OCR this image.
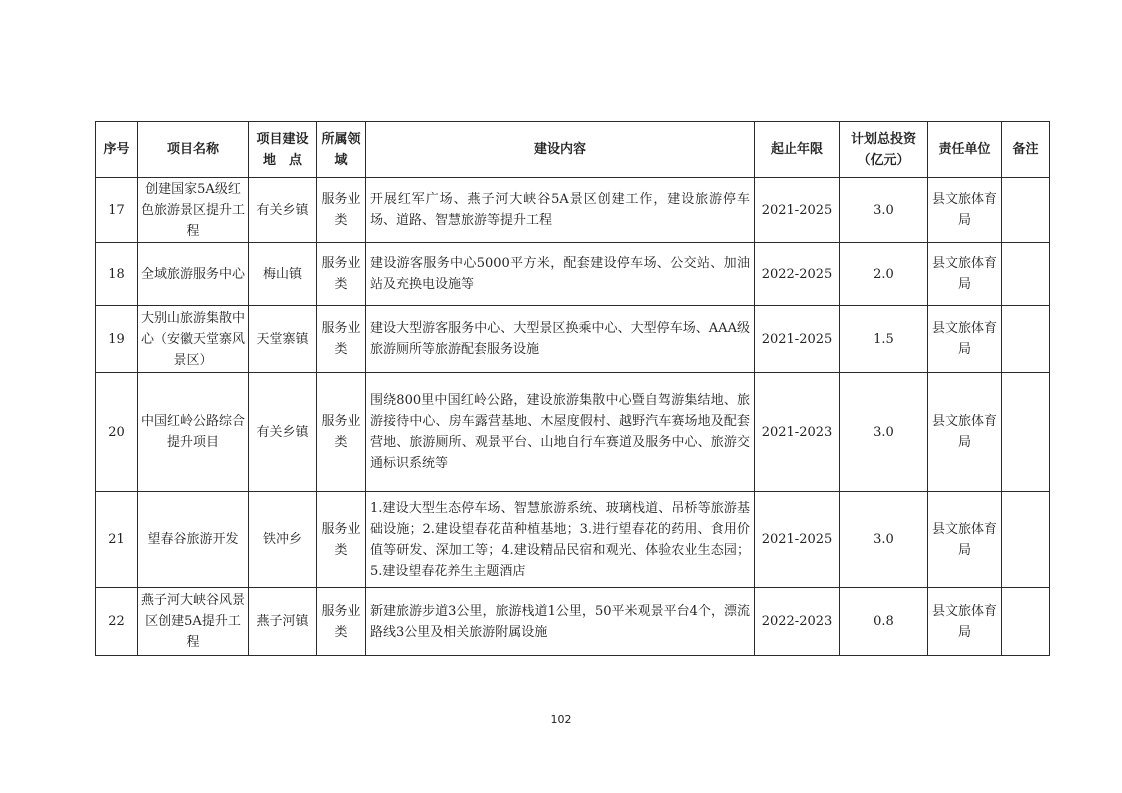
序号	项目名称	项目建设地　点	所属领域	建设内容	起止年限	计划总投资（亿元）	责任单位	备注
17	创建国家5A级红色旅游景区提升工程	有关乡镇	服务业类	开展红军广场、燕子河大峡谷5A景区创建工作，建设旅游停车场、道路、智慧旅游等提升工程	2021-2025	3.0	县文旅体育局	
18	全域旅游服务中心	梅山镇	服务业类	建设游客服务中心5000平方米，配套建设停车场、公交站、加油站及充换电设施等	2022-2025	2.0	县文旅体育局	
19	大别山旅游集散中心（安徽天堂寨风景区）	天堂寨镇	服务业类	建设大型游客服务中心、大型景区换乘中心、大型停车场、AAA级旅游厕所等旅游配套服务设施	2021-2025	1.5	县文旅体育局	
20	中国红岭公路综合提升项目	有关乡镇	服务业类	围绕800里中国红岭公路，建设旅游集散中心暨自驾游集结地、旅游接待中心、房车露营基地、木屋度假村、越野汽车赛场地及配套营地、旅游厕所、观景平台、山地自行车赛道及服务中心、旅游交通标识系统等	2021-2023	3.0	县文旅体育局	
21	望春谷旅游开发	铁冲乡	服务业类	1.建设大型生态停车场、智慧旅游系统、玻璃栈道、吊桥等旅游基础设施；2.建设望春花苗种植基地；3.进行望春花的药用、食用价值等研发、深加工等；4.建设精品民宿和观光、体验农业生态园；5.建设望春花养生主题酒店	2021-2025	3.0	县文旅体育局	
22	燕子河大峡谷风景区创建5A提升工程	燕子河镇	服务业类	新建旅游步道3公里，旅游栈道1公里，50平米观景平台4个，漂流路线3公里及相关旅游附属设施	2022-2023	0.8	县文旅体育局	
102
